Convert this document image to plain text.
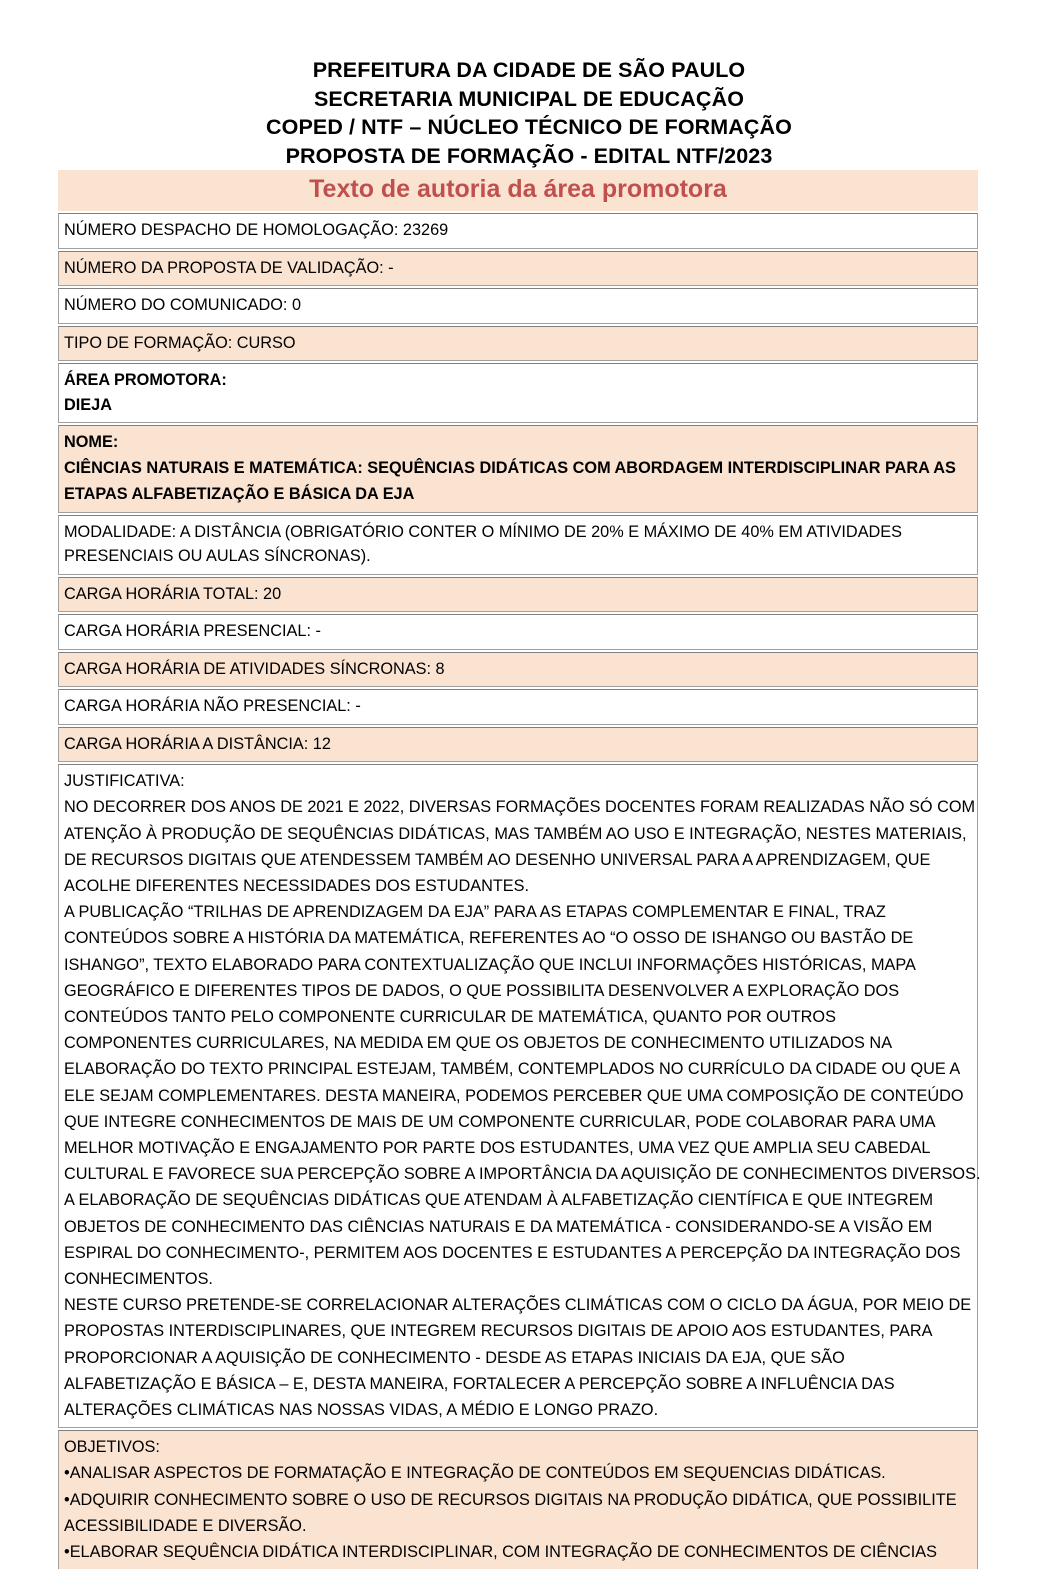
PREFEITURA DA CIDADE DE SÃO PAULO
SECRETARIA MUNICIPAL DE EDUCAÇÃO
COPED / NTF – NÚCLEO TÉCNICO DE FORMAÇÃO
PROPOSTA DE FORMAÇÃO - EDITAL NTF/2023
Texto de autoria da área promotora
NÚMERO DESPACHO DE HOMOLOGAÇÃO: 23269
NÚMERO DA PROPOSTA DE VALIDAÇÃO: -
NÚMERO DO COMUNICADO: 0
TIPO DE FORMAÇÃO: CURSO
ÁREA PROMOTORA:
DIEJA
NOME:
CIÊNCIAS NATURAIS E MATEMÁTICA: SEQUÊNCIAS DIDÁTICAS COM ABORDAGEM INTERDISCIPLINAR PARA AS
ETAPAS ALFABETIZAÇÃO E BÁSICA DA EJA
MODALIDADE: A DISTÂNCIA (OBRIGATÓRIO CONTER O MÍNIMO DE 20% E MÁXIMO DE 40% EM ATIVIDADES
PRESENCIAIS OU AULAS SÍNCRONAS).
CARGA HORÁRIA TOTAL: 20
CARGA HORÁRIA PRESENCIAL: -
CARGA HORÁRIA DE ATIVIDADES SÍNCRONAS: 8
CARGA HORÁRIA NÃO PRESENCIAL: -
CARGA HORÁRIA A DISTÂNCIA: 12
JUSTIFICATIVA:
NO DECORRER DOS ANOS DE 2021 E 2022, DIVERSAS FORMAÇÕES DOCENTES FORAM REALIZADAS NÃO SÓ COM
ATENÇÃO À PRODUÇÃO DE SEQUÊNCIAS DIDÁTICAS, MAS TAMBÉM AO USO E INTEGRAÇÃO, NESTES MATERIAIS,
DE RECURSOS DIGITAIS QUE ATENDESSEM TAMBÉM AO DESENHO UNIVERSAL PARA A APRENDIZAGEM, QUE
ACOLHE DIFERENTES NECESSIDADES DOS ESTUDANTES.
A PUBLICAÇÃO “TRILHAS DE APRENDIZAGEM DA EJA” PARA AS ETAPAS COMPLEMENTAR E FINAL, TRAZ
CONTEÚDOS SOBRE A HISTÓRIA DA MATEMÁTICA, REFERENTES AO “O OSSO DE ISHANGO OU BASTÃO DE
ISHANGO”, TEXTO ELABORADO PARA CONTEXTUALIZAÇÃO QUE INCLUI INFORMAÇÕES HISTÓRICAS, MAPA
GEOGRÁFICO E DIFERENTES TIPOS DE DADOS, O QUE POSSIBILITA DESENVOLVER A EXPLORAÇÃO DOS
CONTEÚDOS TANTO PELO COMPONENTE CURRICULAR DE MATEMÁTICA, QUANTO POR OUTROS
COMPONENTES CURRICULARES, NA MEDIDA EM QUE OS OBJETOS DE CONHECIMENTO UTILIZADOS NA
ELABORAÇÃO DO TEXTO PRINCIPAL ESTEJAM, TAMBÉM, CONTEMPLADOS NO CURRÍCULO DA CIDADE OU QUE A
ELE SEJAM COMPLEMENTARES. DESTA MANEIRA, PODEMOS PERCEBER QUE UMA COMPOSIÇÃO DE CONTEÚDO
QUE INTEGRE CONHECIMENTOS DE MAIS DE UM COMPONENTE CURRICULAR, PODE COLABORAR PARA UMA
MELHOR MOTIVAÇÃO E ENGAJAMENTO POR PARTE DOS ESTUDANTES, UMA VEZ QUE AMPLIA SEU CABEDAL
CULTURAL E FAVORECE SUA PERCEPÇÃO SOBRE A IMPORTÂNCIA DA AQUISIÇÃO DE CONHECIMENTOS DIVERSOS.
A ELABORAÇÃO DE SEQUÊNCIAS DIDÁTICAS QUE ATENDAM À ALFABETIZAÇÃO CIENTÍFICA E QUE INTEGREM
OBJETOS DE CONHECIMENTO DAS CIÊNCIAS NATURAIS E DA MATEMÁTICA - CONSIDERANDO-SE A VISÃO EM
ESPIRAL DO CONHECIMENTO-, PERMITEM AOS DOCENTES E ESTUDANTES A PERCEPÇÃO DA INTEGRAÇÃO DOS
CONHECIMENTOS.
NESTE CURSO PRETENDE-SE CORRELACIONAR ALTERAÇÕES CLIMÁTICAS COM O CICLO DA ÁGUA, POR MEIO DE
PROPOSTAS INTERDISCIPLINARES, QUE INTEGREM RECURSOS DIGITAIS DE APOIO AOS ESTUDANTES, PARA
PROPORCIONAR A AQUISIÇÃO DE CONHECIMENTO - DESDE AS ETAPAS INICIAIS DA EJA, QUE SÃO
ALFABETIZAÇÃO E BÁSICA – E, DESTA MANEIRA, FORTALECER A PERCEPÇÃO SOBRE A INFLUÊNCIA DAS
ALTERAÇÕES CLIMÁTICAS NAS NOSSAS VIDAS, A MÉDIO E LONGO PRAZO.
OBJETIVOS:
•ANALISAR ASPECTOS DE FORMATAÇÃO E INTEGRAÇÃO DE CONTEÚDOS EM SEQUENCIAS DIDÁTICAS.
•ADQUIRIR CONHECIMENTO SOBRE O USO DE RECURSOS DIGITAIS NA PRODUÇÃO DIDÁTICA, QUE POSSIBILITE
ACESSIBILIDADE E DIVERSÃO.
•ELABORAR SEQUÊNCIA DIDÁTICA INTERDISCIPLINAR, COM INTEGRAÇÃO DE CONHECIMENTOS DE CIÊNCIAS
